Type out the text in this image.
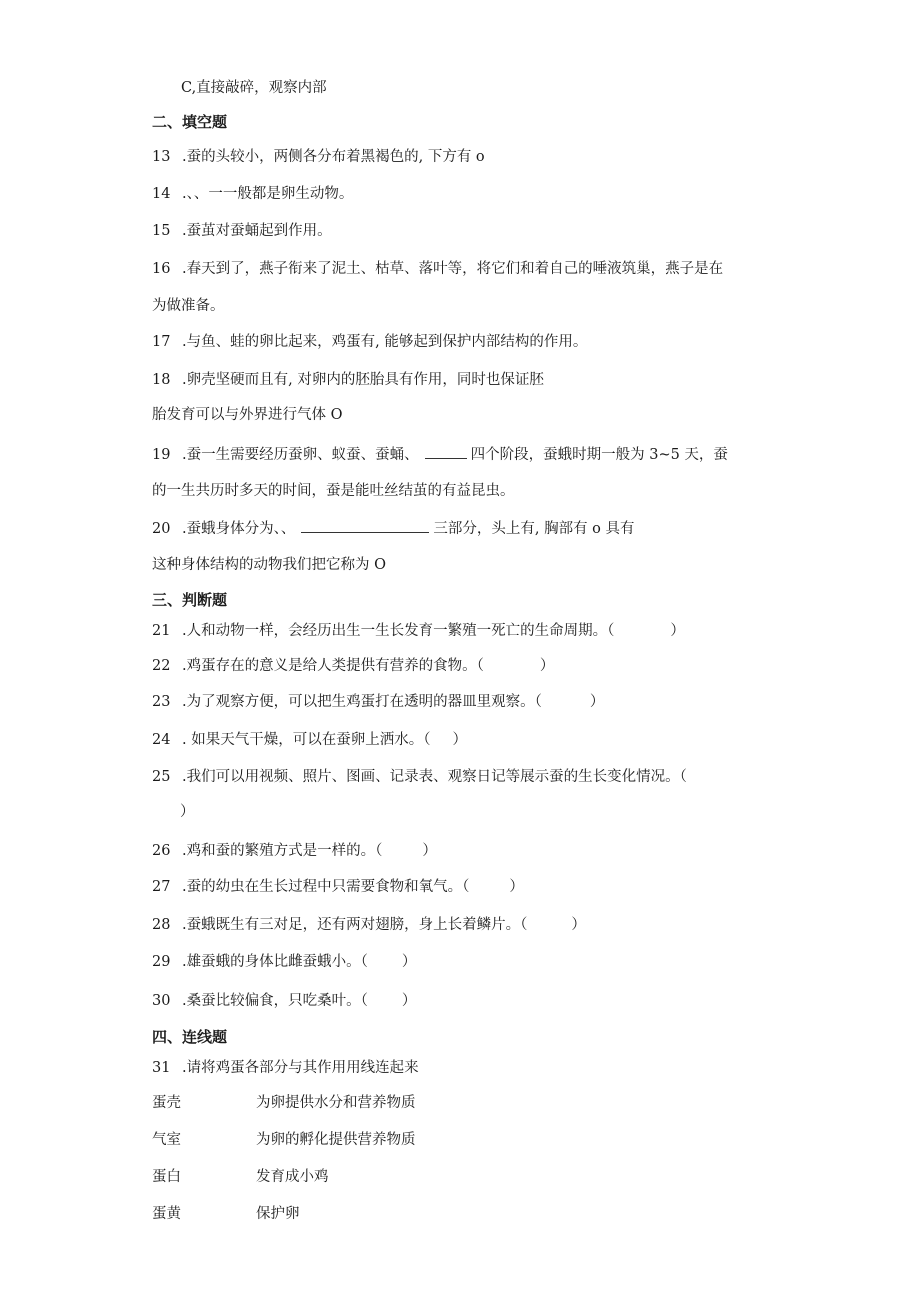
C,直接敲碎，观察内部
二、填空题
13 .蚕的头较小，两侧各分布着黑褐色的, 下方有 o
14 .、、一一般都是卵生动物。
15 .蚕茧对蚕蛹起到作用。
16 .春天到了，燕子衔来了泥土、枯草、落叶等，将它们和着自己的唾液筑巢，燕子是在
为做准备。
17 .与鱼、蛙的卵比起来，鸡蛋有, 能够起到保护内部结构的作用。
18 .卵壳坚硬而且有, 对卵内的胚胎具有作用，同时也保证胚
胎发育可以与外界进行气体 O
19 .蚕一生需要经历蚕卵、蚁蚕、蚕蛹、	四个阶段，蚕蛾时期一般为 3~5 天，蚕
的一生共历时多天的时间，蚕是能吐丝结茧的有益昆虫。
20 .蚕蛾身体分为、、	三部分，头上有, 胸部有 o 具有
这种身体结构的动物我们把它称为 O
三、判断题
21 .人和动物一样，会经历出生一生长发育一繁殖一死亡的生命周期。（	）
22 .鸡蛋存在的意义是给人类提供有营养的食物。（	）
23 .为了观察方便，可以把生鸡蛋打在透明的器皿里观察。（	）
24 . 如果天气干燥，可以在蚕卵上洒水。（ ）
25 .我们可以用视频、照片、图画、记录表、观察日记等展示蚕的生长变化情况。（
）
26 .鸡和蚕的繁殖方式是一样的。（	）
27 .蚕的幼虫在生长过程中只需要食物和氧气。（	）
28 .蚕蛾既生有三对足，还有两对翅膀，身上长着鳞片。（	）
29 .雄蚕蛾的身体比雌蚕蛾小。（ ）
30 .桑蚕比较偏食，只吃桑叶。（ ）
四、连线题
31 .请将鸡蛋各部分与其作用用线连起来
蛋壳	为卵提供水分和营养物质
气室	为卵的孵化提供营养物质
蛋白	发育成小鸡
蛋黄	保护卵
